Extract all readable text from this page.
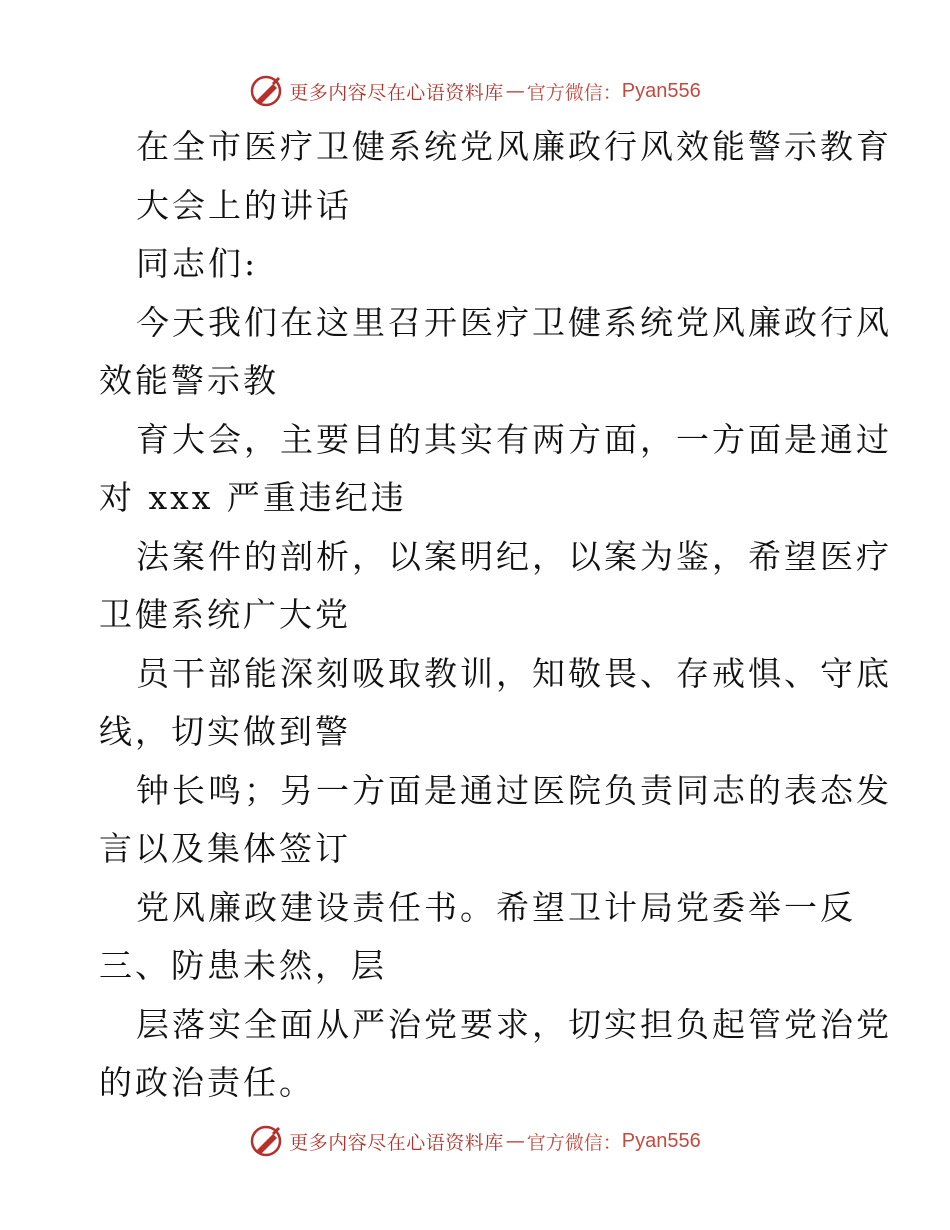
更多内容尽在心语资料库 — 官方微信： Pyan556
在全市医疗卫健系统党风廉政行风效能警示教育
大会上的讲话
同志们:
今天我们在这里召开医疗卫健系统党风廉政行风
效能警示教
育大会，主要目的其实有两方面，一方面是通过
对 xxx 严重违纪违
法案件的剖析，以案明纪，以案为鉴，希望医疗
卫健系统广大党
员干部能深刻吸取教训，知敬畏、存戒惧、守底
线，切实做到警
钟长鸣；另一方面是通过医院负责同志的表态发
言以及集体签订
党风廉政建设责任书。希望卫计局党委举一反
三、防患未然，层
层落实全面从严治党要求，切实担负起管党治党
的政治责任。
更多内容尽在心语资料库 — 官方微信： Pyan556
